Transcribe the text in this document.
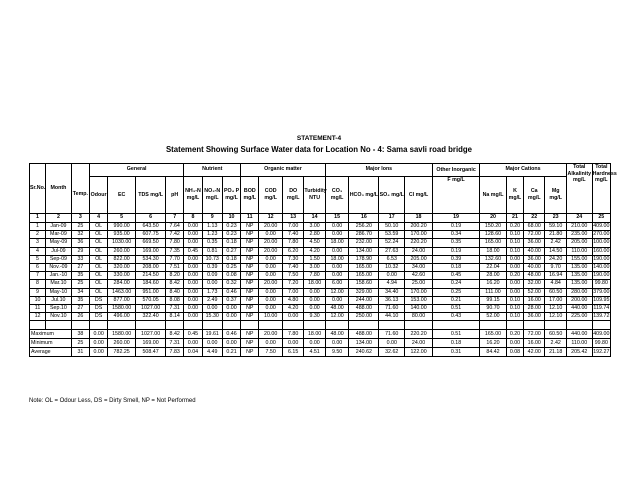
STATEMENT-4
Statement Showing Surface Water data for Location No - 4: Sama savli road bridge
Sr.No.	Month		General				Nutrient			Organic matter				Major Ions				Other Inorganic	Major Cations				Total Alkalinity mg/L	Total Hardness mg/L
		Temp.	Odour	EC	TDS mg/L	pH	NH₃-N mg/L	NO₃-N mg/L	PO₄ P mg/L	BOD mg/L	COD mg/L	DO mg/L	Turbidity NTU	CO₃ mg/L	HCO₃ mg/L	SO₄ mg/L	Cl mg/L	F mg/L	Na mg/L	K mg/L	Ca mg/L	Mg mg/L		
1	2	3	4	5	6	7	8	9	10	11	12	13	14	15	16	17	18	19	20	21	22	23	24	25
1	Jan-09	25	OL	990.00	643.50	7.64	0.00	1.13	0.23	NP	20.00	7.00	3.00	0.00	256.20	50.10	200.20	0.19	150.20	0.20	68.00	59.10	210.00	409.00
2	Mar-09	32	OL	935.00	607.75	7.42	0.00	1.23	0.23	NP	0.00	7.40	2.80	0.00	286.70	53.59	170.00	0.34	128.60	0.10	72.00	21.80	235.00	270.00
3	May-09	36	OL	1030.00	669.50	7.80	0.00	0.35	0.18	NP	20.00	7.80	4.50	18.00	232.00	52.24	220.20	0.35	165.00	0.10	36.00	2.42	205.00	100.00
4	Jul-09	29	OL	260.00	169.00	7.35	0.45	0.81	0.27	NP	20.00	6.20	4.20	0.00	134.00	27.63	24.00	0.19	18.00	0.10	40.00	14.50	110.00	160.00
5	Sep-09	33	OL	822.00	534.30	7.70	0.00	10.73	0.18	NP	0.00	7.30	1.50	18.00	178.90	6.53	205.00	0.39	132.60	0.00	36.00	24.20	155.00	190.00
6	Nov.-09	27	OL	320.00	208.00	7.51	0.00	0.39	0.25	NP	0.00	7.40	3.00	0.00	165.00	10.32	34.00	0.18	22.04	0.00	40.00	9.70	135.00	140.00
7	Jan.-10	35	OL	330.00	214.50	8.20	0.00	0.09	0.08	NP	0.00	7.50	7.80	0.00	165.00	0.00	42.60	0.45	28.00	0.20	48.00	16.94	135.00	190.00
8	Mar.10	25	OL	284.00	184.60	8.42	0.00	0.00	0.32	NP	20.00	7.20	18.00	6.00	158.60	4.94	25.00	0.24	16.20	0.00	32.00	4.84	135.00	99.80
9	May-10	34	OL	1463.00	951.00	8.40	0.00	1.73	0.46	NP	0.00	7.00	0.00	12.00	329.00	34.40	170.00	0.25	111.00	0.00	52.00	60.50	280.00	379.00
10	Jul.10	35	DS	877.00	570.05	8.08	0.00	2.49	0.37	NP	0.00	4.80	0.00	0.00	244.00	36.13	153.00	0.21	99.15	0.10	16.00	17.00	200.00	109.95
11	Sep.10	27	DS	1580.00	1027.00	7.31	0.00	0.00	0.00	NP	0.00	4.20	0.00	48.00	488.00	71.60	140.00	0.51	90.70	0.10	28.00	12.10	440.00	119.74
12	Nov.10	26	DS	496.00	322.40	8.14	0.00	15.30	0.00	NP	10.00	0.00	9.30	12.00	250.00	44.10	80.00	0.43	52.00	0.10	36.00	12.10	225.00	139.72

Maximum		38	0.00	1580.00	1027.00	8.42	0.45	19.61	0.46	NP	20.00	7.80	18.00	48.00	488.00	71.60	220.20	0.51	165.00	0.20	72.00	60.50	440.00	409.00
Minimum		25	0.00	260.00	169.00	7.31	0.00	0.00	0.00	NP	0.00	0.00	0.00	0.00	134.00	0.00	24.00	0.18	16.20	0.00	16.00	2.42	110.00	99.80
Average		31	0.00	782.25	508.47	7.83	0.04	4.49	0.21	NP	7.50	6.15	4.51	9.50	240.62	32.62	122.00	0.31	84.42	0.08	42.00	21.18	205.42	192.27
Note: OL = Odour Less, DS = Dirty Smell, NP = Not Performed
